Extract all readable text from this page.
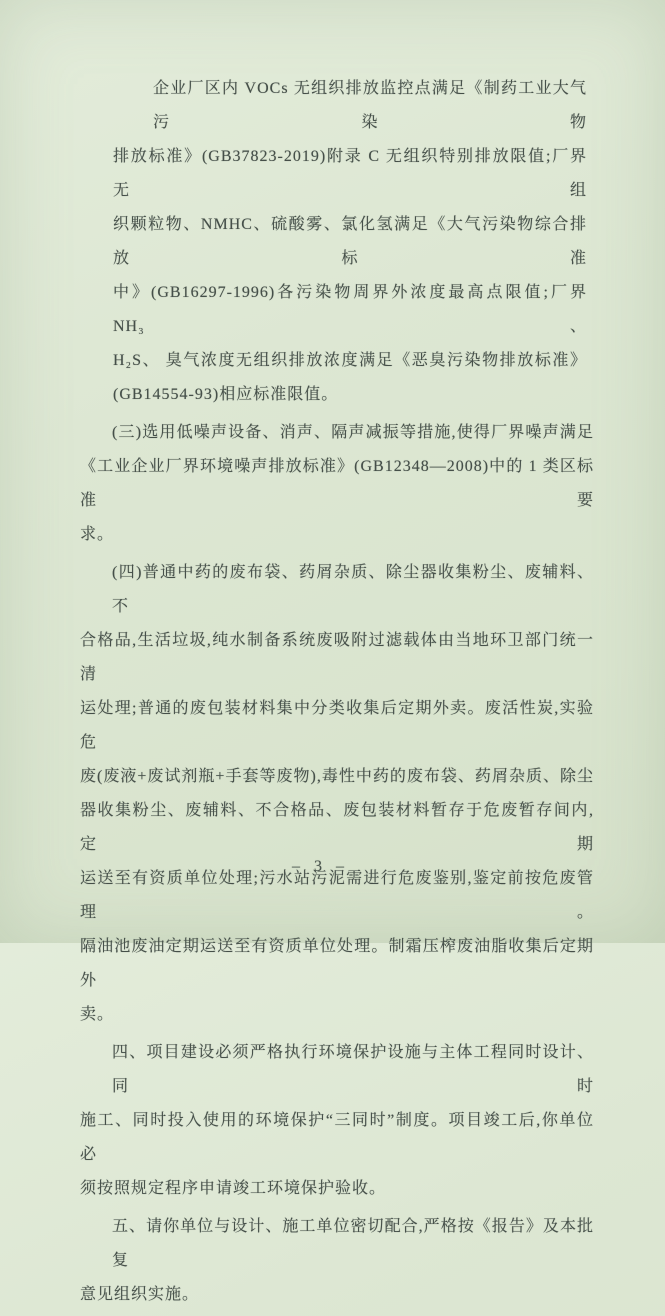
企业厂区内 VOCs 无组织排放监控点满足《制药工业大气污染物
排放标准》(GB37823-2019)附录 C 无组织特别排放限值;厂界无组
织颗粒物、NMHC、硫酸雾、氯化氢满足《大气污染物综合排放标准
中》(GB16297-1996)各污染物周界外浓度最高点限值;厂界 NH₃、
H₂S、 臭气浓度无组织排放浓度满足《恶臭污染物排放标准》
(GB14554-93)相应标准限值。
(三)选用低噪声设备、消声、隔声减振等措施,使得厂界噪声满足
《工业企业厂界环境噪声排放标准》(GB12348—2008)中的 1 类区标准要
求。
(四)普通中药的废布袋、药屑杂质、除尘器收集粉尘、废辅料、不
合格品,生活垃圾,纯水制备系统废吸附过滤载体由当地环卫部门统一清
运处理;普通的废包装材料集中分类收集后定期外卖。废活性炭,实验危
废(废液+废试剂瓶+手套等废物),毒性中药的废布袋、药屑杂质、除尘
器收集粉尘、废辅料、不合格品、废包装材料暂存于危废暂存间内,定期
运送至有资质单位处理;污水站污泥需进行危废鉴别,鉴定前按危废管理。
隔油池废油定期运送至有资质单位处理。制霜压榨废油脂收集后定期外
卖。
四、项目建设必须严格执行环境保护设施与主体工程同时设计、同时
施工、同时投入使用的环境保护“三同时”制度。项目竣工后,你单位必
须按照规定程序申请竣工环境保护验收。
五、请你单位与设计、施工单位密切配合,严格按《报告》及本批复
意见组织实施。
– 3 –
